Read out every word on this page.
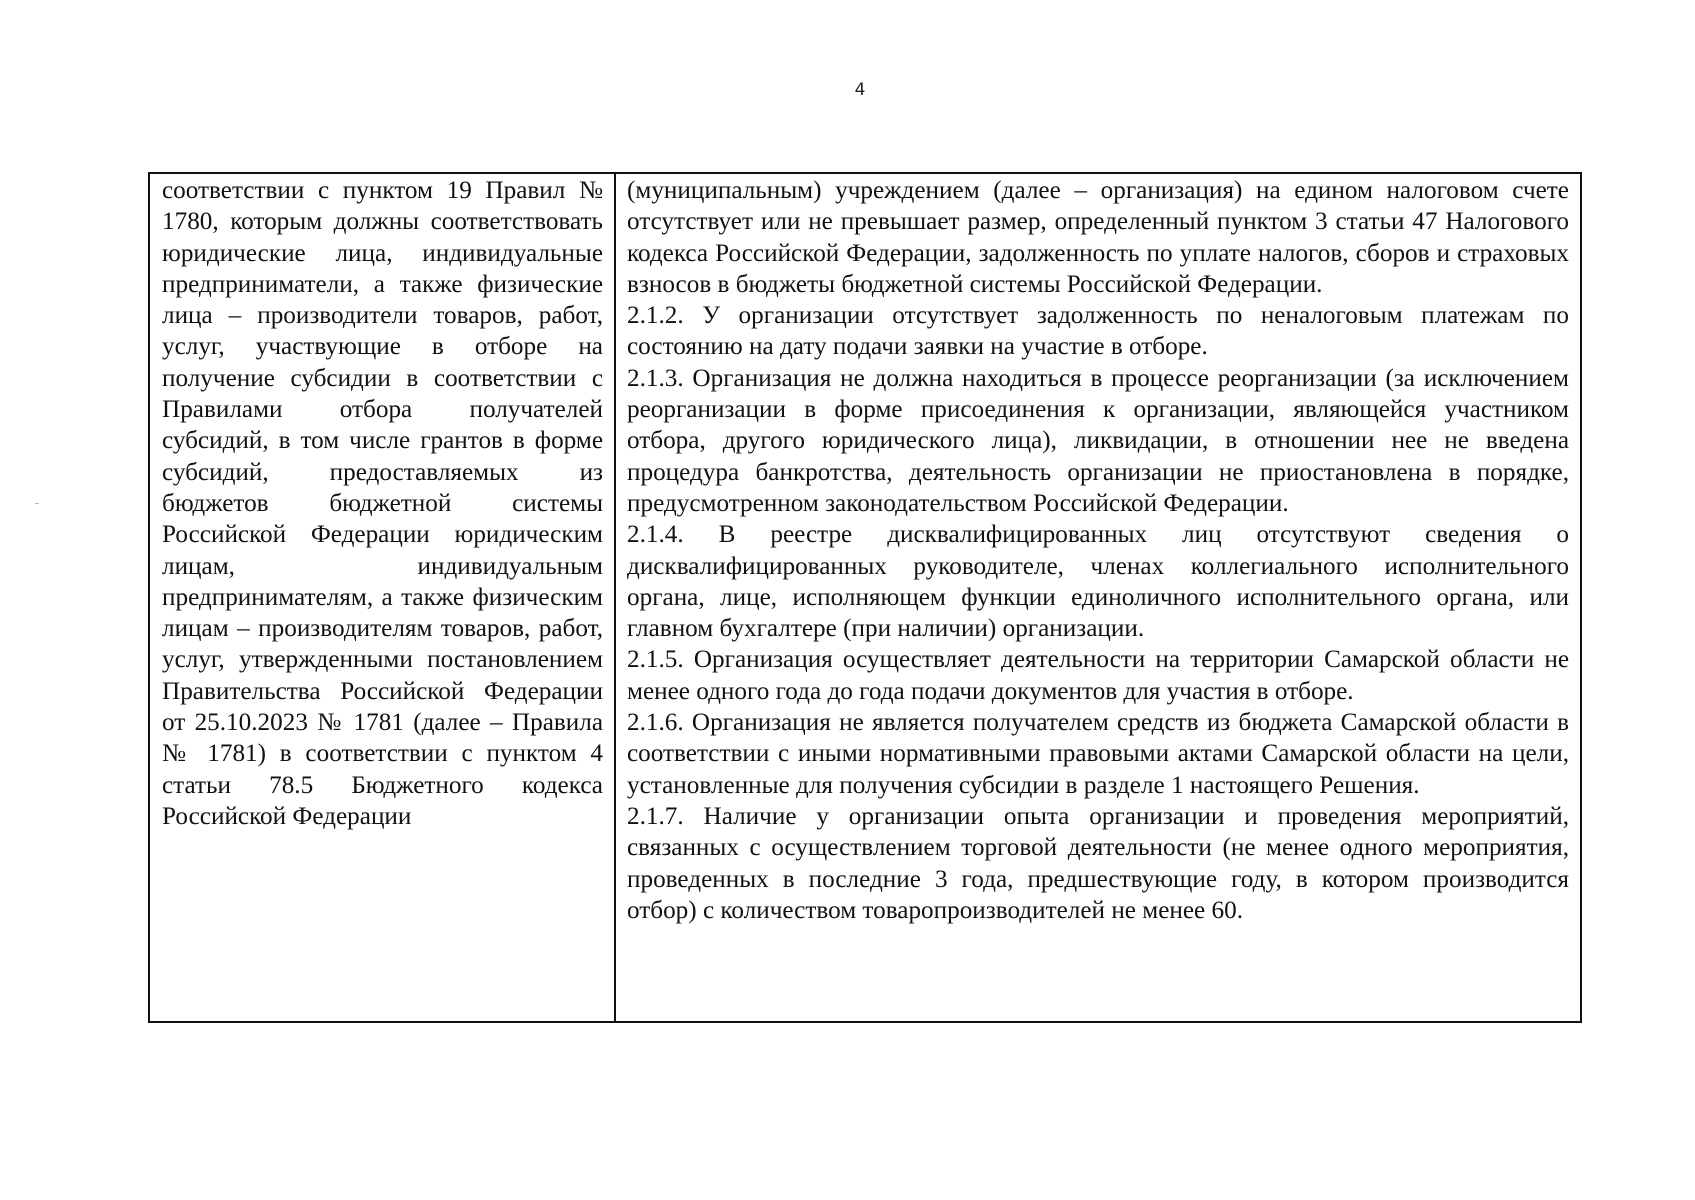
4

соответствии с пунктом 19 Правил № 1780, которым должны соответствовать юридические лица, индивидуальные предприниматели, а также физические лица – производители товаров, работ, услуг, участвующие в отборе на получение субсидии в соответствии с Правилами отбора получателей субсидий, в том числе грантов в форме субсидий, предоставляемых из бюджетов бюджетной системы Российской Федерации юридическим лицам, индивидуальным предпринимателям, а также физическим лицам – производителям товаров, работ, услуг, утвержденными постановлением Правительства Российской Федерации от 25.10.2023 № 1781 (далее – Правила № 1781) в соответствии с пунктом 4 статьи 78.5 Бюджетного кодекса Российской Федерации

(муниципальным) учреждением (далее – организация) на едином налоговом счете отсутствует или не превышает размер, определенный пунктом 3 статьи 47 Налогового кодекса Российской Федерации, задолженность по уплате налогов, сборов и страховых взносов в бюджеты бюджетной системы Российской Федерации.

2.1.2. У организации отсутствует задолженность по неналоговым платежам по состоянию на дату подачи заявки на участие в отборе.

2.1.3. Организация не должна находиться в процессе реорганизации (за исключением реорганизации в форме присоединения к организации, являющейся участником отбора, другого юридического лица), ликвидации, в отношении нее не введена процедура банкротства, деятельность организации не приостановлена в порядке, предусмотренном законодательством Российской Федерации.

2.1.4. В реестре дисквалифицированных лиц отсутствуют сведения о дисквалифицированных руководителе, членах коллегиального исполнительного органа, лице, исполняющем функции единоличного исполнительного органа, или главном бухгалтере (при наличии) организации.

2.1.5. Организация осуществляет деятельности на территории Самарской области не менее одного года до года подачи документов для участия в отборе.

2.1.6. Организация не является получателем средств из бюджета Самарской области в соответствии с иными нормативными правовыми актами Самарской области на цели, установленные для получения субсидии в разделе 1 настоящего Решения.

2.1.7. Наличие у организации опыта организации и проведения мероприятий, связанных с осуществлением торговой деятельности (не менее одного мероприятия, проведенных в последние 3 года, предшествующие году, в котором производится отбор) с количеством товаропроизводителей не менее 60.
